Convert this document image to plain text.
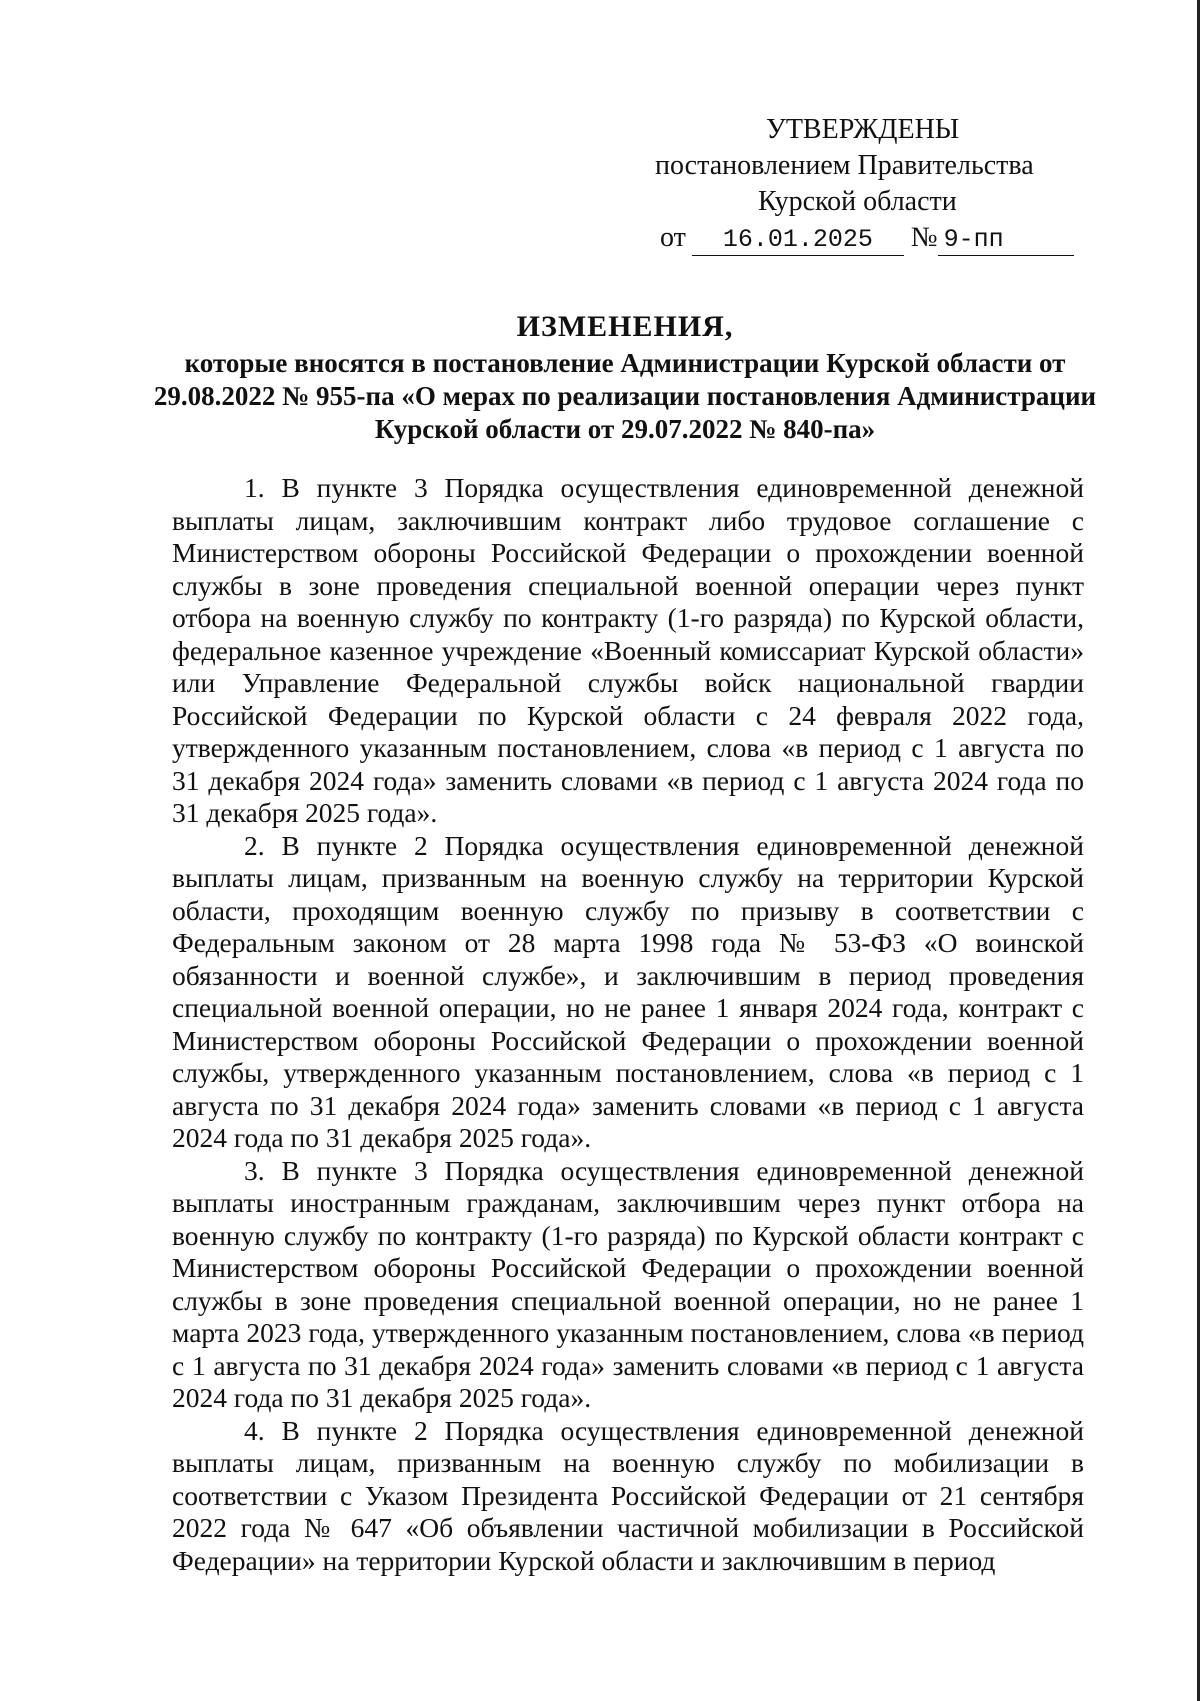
УТВЕРЖДЕНЫ
постановлением Правительства
Курской области
от 16.01.2025 № 9-пп
ИЗМЕНЕНИЯ,
которые вносятся в постановление Администрации Курской области от 29.08.2022 № 955-па «О мерах по реализации постановления Администрации Курской области от 29.07.2022 № 840-па»

1. В пункте 3 Порядка осуществления единовременной денежной выплаты лицам, заключившим контракт либо трудовое соглашение с Министерством обороны Российской Федерации о прохождении военной службы в зоне проведения специальной военной операции через пункт отбора на военную службу по контракту (1-го разряда) по Курской области, федеральное казенное учреждение «Военный комиссариат Курской области» или Управление Федеральной службы войск национальной гвардии Российской Федерации по Курской области с 24 февраля 2022 года, утвержденного указанным постановлением, слова «в период с 1 августа по 31 декабря 2024 года» заменить словами «в период с 1 августа 2024 года по 31 декабря 2025 года».

2. В пункте 2 Порядка осуществления единовременной денежной выплаты лицам, призванным на военную службу на территории Курской области, проходящим военную службу по призыву в соответствии с Федеральным законом от 28 марта 1998 года № 53-ФЗ «О воинской обязанности и военной службе», и заключившим в период проведения специальной военной операции, но не ранее 1 января 2024 года, контракт с Министерством обороны Российской Федерации о прохождении военной службы, утвержденного указанным постановлением, слова «в период с 1 августа по 31 декабря 2024 года» заменить словами «в период с 1 августа 2024 года по 31 декабря 2025 года».

3. В пункте 3 Порядка осуществления единовременной денежной выплаты иностранным гражданам, заключившим через пункт отбора на военную службу по контракту (1-го разряда) по Курской области контракт с Министерством обороны Российской Федерации о прохождении военной службы в зоне проведения специальной военной операции, но не ранее 1 марта 2023 года, утвержденного указанным постановлением, слова «в период с 1 августа по 31 декабря 2024 года» заменить словами «в период с 1 августа 2024 года по 31 декабря 2025 года».

4. В пункте 2 Порядка осуществления единовременной денежной выплаты лицам, призванным на военную службу по мобилизации в соответствии с Указом Президента Российской Федерации от 21 сентября 2022 года № 647 «Об объявлении частичной мобилизации в Российской Федерации» на территории Курской области и заключившим в период
